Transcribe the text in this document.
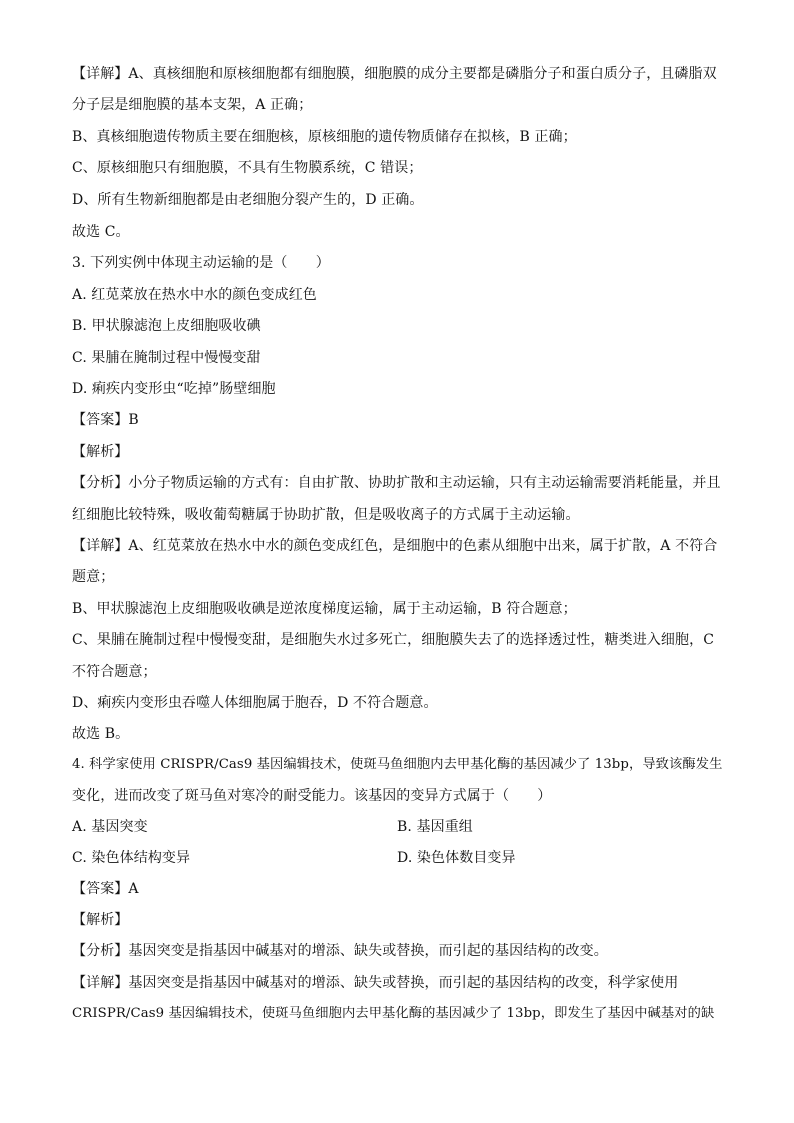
【详解】A、真核细胞和原核细胞都有细胞膜，细胞膜的成分主要都是磷脂分子和蛋白质分子，且磷脂双
分子层是细胞膜的基本支架，A 正确；
B、真核细胞遗传物质主要在细胞核，原核细胞的遗传物质储存在拟核，B 正确；
C、原核细胞只有细胞膜，不具有生物膜系统，C 错误；
D、所有生物新细胞都是由老细胞分裂产生的，D 正确。
故选 C。
3. 下列实例中体现主动运输的是（　　）
A. 红苋菜放在热水中水的颜色变成红色
B. 甲状腺滤泡上皮细胞吸收碘
C. 果脯在腌制过程中慢慢变甜
D. 痢疾内变形虫“吃掉”肠壁细胞
【答案】B
【解析】
【分析】小分子物质运输的方式有：自由扩散、协助扩散和主动运输，只有主动运输需要消耗能量，并且
红细胞比较特殊，吸收葡萄糖属于协助扩散，但是吸收离子的方式属于主动运输。
【详解】A、红苋菜放在热水中水的颜色变成红色，是细胞中的色素从细胞中出来，属于扩散，A 不符合
题意；
B、甲状腺滤泡上皮细胞吸收碘是逆浓度梯度运输，属于主动运输，B 符合题意；
C、果脯在腌制过程中慢慢变甜，是细胞失水过多死亡，细胞膜失去了的选择透过性，糖类进入细胞，C
不符合题意；
D、痢疾内变形虫吞噬人体细胞属于胞吞，D 不符合题意。
故选 B。
4. 科学家使用 CRISPR/Cas9 基因编辑技术，使斑马鱼细胞内去甲基化酶的基因减少了 13bp，导致该酶发生
变化，进而改变了斑马鱼对寒冷的耐受能力。该基因的变异方式属于（　　）
A. 基因突变	B. 基因重组
C. 染色体结构变异	D. 染色体数目变异
【答案】A
【解析】
【分析】基因突变是指基因中碱基对的增添、缺失或替换，而引起的基因结构的改变。
【详解】基因突变是指基因中碱基对的增添、缺失或替换，而引起的基因结构的改变，科学家使用
CRISPR/Cas9 基因编辑技术，使斑马鱼细胞内去甲基化酶的基因减少了 13bp，即发生了基因中碱基对的缺
